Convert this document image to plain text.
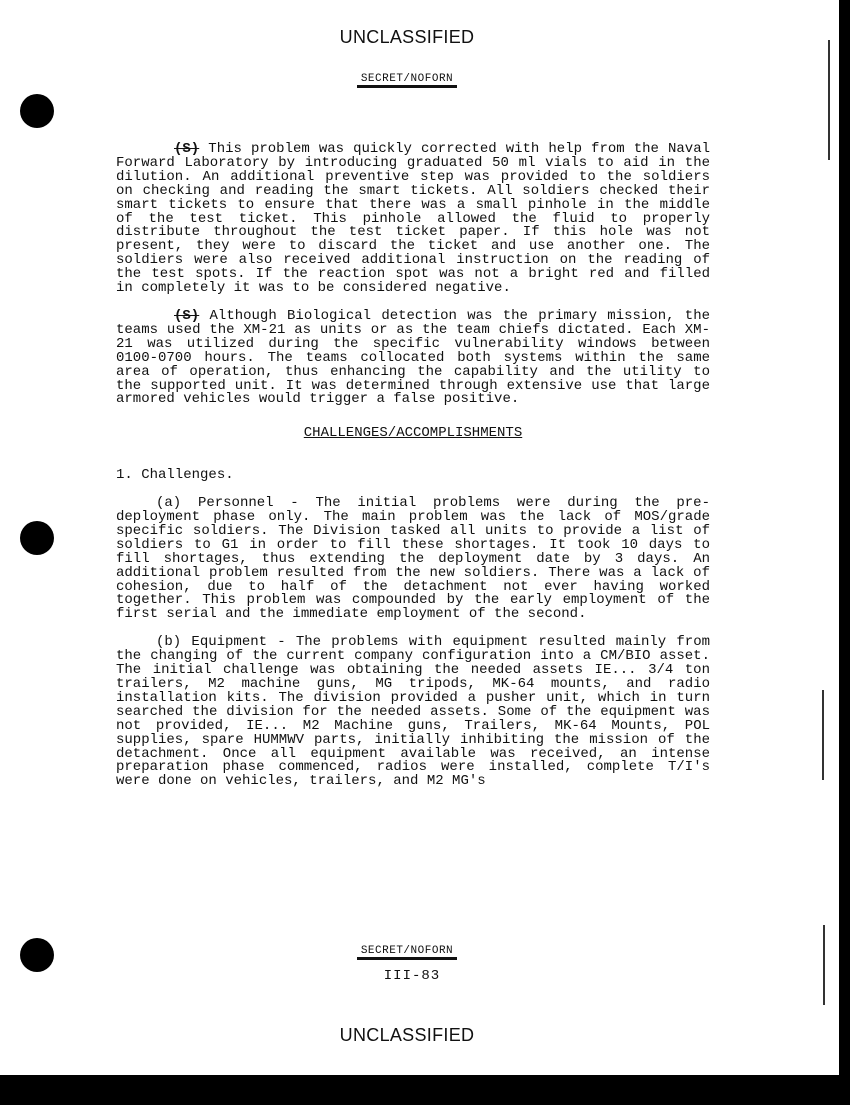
UNCLASSIFIED
SECRET/NOFORN

(S) This problem was quickly corrected with help from the Naval Forward Laboratory by introducing graduated 50 ml vials to aid in the dilution. An additional preventive step was provided to the soldiers on checking and reading the smart tickets. All soldiers checked their smart tickets to ensure that there was a small pinhole in the middle of the test ticket. This pinhole allowed the fluid to properly distribute throughout the test ticket paper. If this hole was not present, they were to discard the ticket and use another one. The soldiers were also received additional instruction on the reading of the test spots. If the reaction spot was not a bright red and filled in completely it was to be considered negative.

(S) Although Biological detection was the primary mission, the teams used the XM-21 as units or as the team chiefs dictated. Each XM-21 was utilized during the specific vulnerability windows between 0100-0700 hours. The teams collocated both systems within the same area of operation, thus enhancing the capability and the utility to the supported unit. It was determined through extensive use that large armored vehicles would trigger a false positive.

CHALLENGES/ACCOMPLISHMENTS
1. Challenges.

(a) Personnel - The initial problems were during the pre-deployment phase only. The main problem was the lack of MOS/grade specific soldiers. The Division tasked all units to provide a list of soldiers to G1 in order to fill these shortages. It took 10 days to fill shortages, thus extending the deployment date by 3 days. An additional problem resulted from the new soldiers. There was a lack of cohesion, due to half of the detachment not ever having worked together. This problem was compounded by the early employment of the first serial and the immediate employment of the second.

(b) Equipment - The problems with equipment resulted mainly from the changing of the current company configuration into a CM/BIO asset. The initial challenge was obtaining the needed assets IE... 3/4 ton trailers, M2 machine guns, MG tripods, MK-64 mounts, and radio installation kits. The division provided a pusher unit, which in turn searched the division for the needed assets. Some of the equipment was not provided, IE... M2 Machine guns, Trailers, MK-64 Mounts, POL supplies, spare HUMMWV parts, initially inhibiting the mission of the detachment. Once all equipment available was received, an intense preparation phase commenced, radios were installed, complete T/I's were done on vehicles, trailers, and M2 MG's

SECRET/NOFORN
III-83
UNCLASSIFIED
